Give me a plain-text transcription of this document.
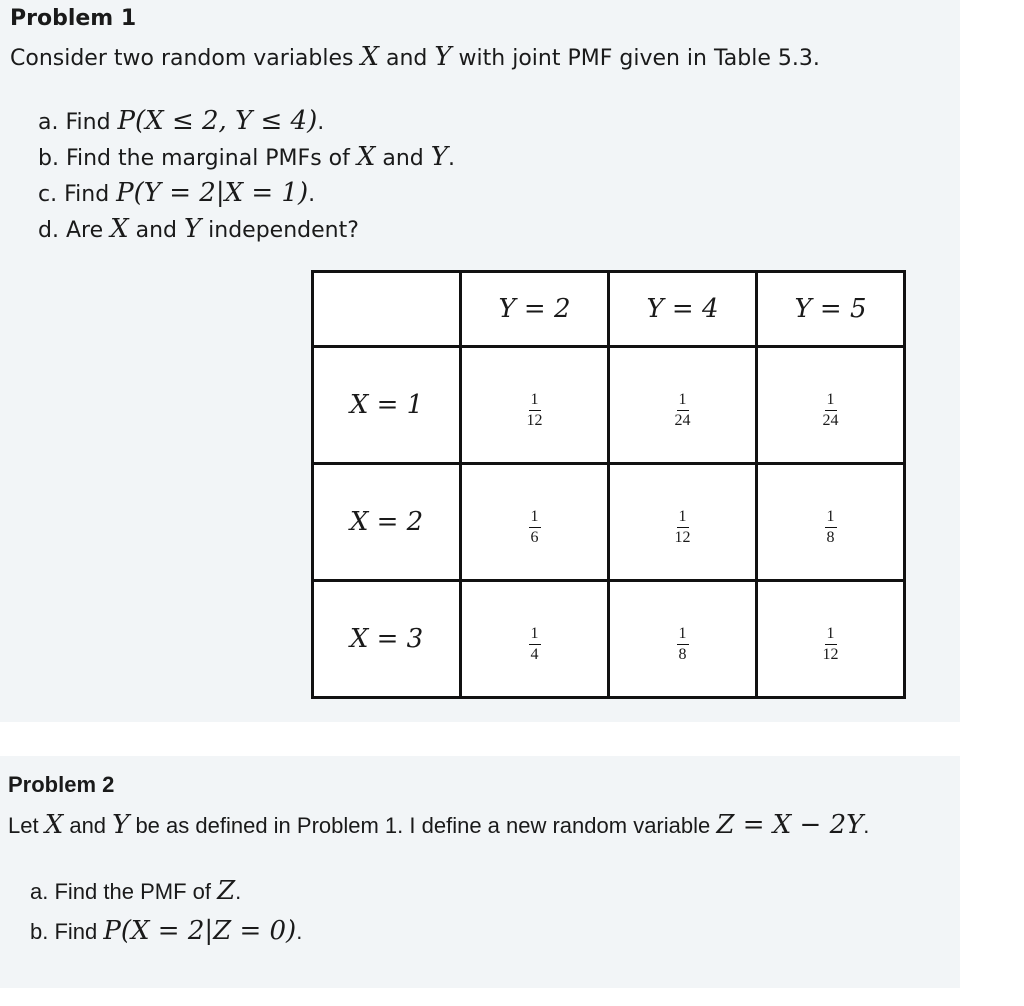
Problem 1
Consider two random variables X and Y with joint PMF given in Table 5.3.
a. Find P(X ≤ 2, Y ≤ 4).
b. Find the marginal PMFs of X and Y.
c. Find P(Y = 2|X = 1).
d. Are X and Y independent?
	Y = 2	Y = 4	Y = 5
X = 1	$\frac{1}{12}$	$\frac{1}{24}$	$\frac{1}{24}$

X = 2	$\frac{1}{6}$	$\frac{1}{12}$	$\frac{1}{8}$

X = 3	$\frac{1}{4}$	$\frac{1}{8}$	$\frac{1}{12}$
Problem 2
Let X and Y be as defined in Problem 1. I define a new random variable Z = X − 2Y.
a. Find the PMF of Z.
b. Find P(X = 2|Z = 0).
